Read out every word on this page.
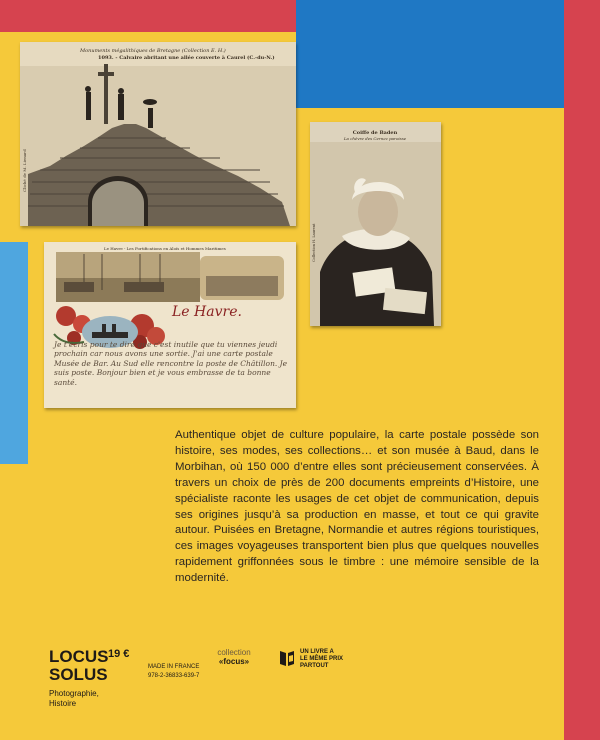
Cliché de M. Lienard
Monuments mégalithiques de Bretagne (Collection E. H.)
1093. - Calvaire abritant une allée couverte à Caurel (C.-du-N.)
Collection H. Laurent
Coiffe de Baden
La chèvre des Cernez paroisse
Le Havre - Les Fortifications en Aloïs et Hommes Maritimes
Le Havre.
Je t'écris pour te dire que c'est inutile que tu viennes jeudi prochain car nous avons une sortie. J'ai une carte postale Musée de Bar. Au Sud elle rencontre la poste de Châtillon. Je suis poste. Bonjour bien et je vous embrasse de ta bonne santé.

Authentique objet de culture populaire, la carte postale possède son histoire, ses modes, ses collections… et son musée à Baud, dans le Morbihan, où 150 000 d’entre elles sont précieusement conservées. À travers un choix de près de 200 documents empreints d’Histoire, une spécialiste raconte les usages de cet objet de communication, depuis ses origines jusqu’à sa production en masse, et tout ce qui gravite autour. Puisées en Bretagne, Normandie et autres régions touristiques, ces images voyageuses transportent bien plus que quelques nouvelles rapidement griffonnées sous le timbre : une mémoire sensible de la modernité.

LOCUS
SOLUS
Photographie,
Histoire
19 €
MADE IN FRANCE
978-2-36833-639-7
collection
«focus»
UN LIVRE A
LE MÊME PRIX
PARTOUT
